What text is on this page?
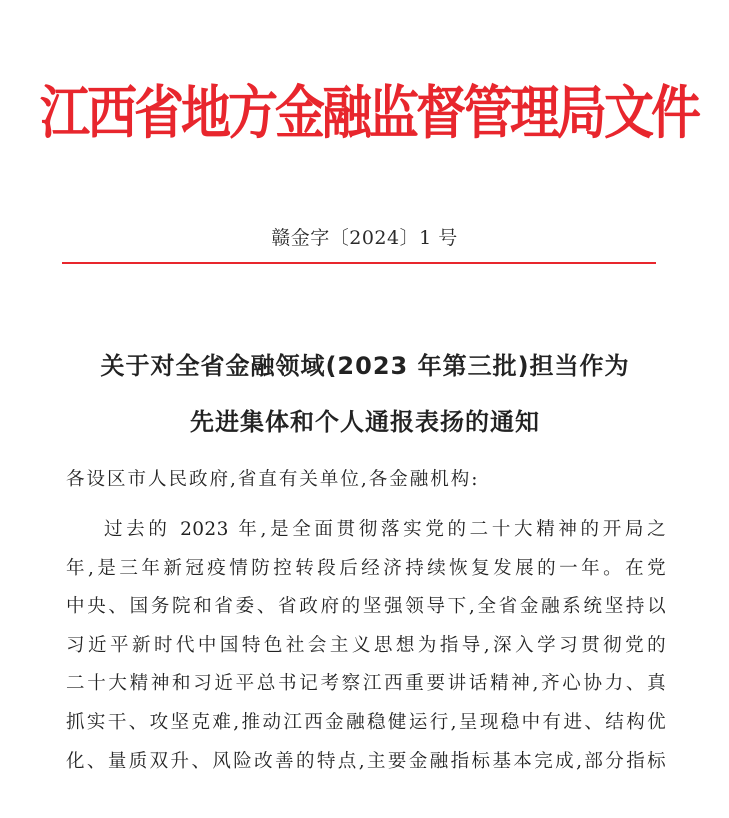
江西省地方金融监督管理局文件
赣金字〔2024〕1 号
关于对全省金融领域(2023 年第三批)担当作为
先进集体和个人通报表扬的通知
各设区市人民政府,省直有关单位,各金融机构:
过去的 2023 年,是全面贯彻落实党的二十大精神的开局之
年,是三年新冠疫情防控转段后经济持续恢复发展的一年。在党
中央、国务院和省委、省政府的坚强领导下,全省金融系统坚持以
习近平新时代中国特色社会主义思想为指导,深入学习贯彻党的
二十大精神和习近平总书记考察江西重要讲话精神,齐心协力、真
抓实干、攻坚克难,推动江西金融稳健运行,呈现稳中有进、结构优
化、量质双升、风险改善的特点,主要金融指标基本完成,部分指标
